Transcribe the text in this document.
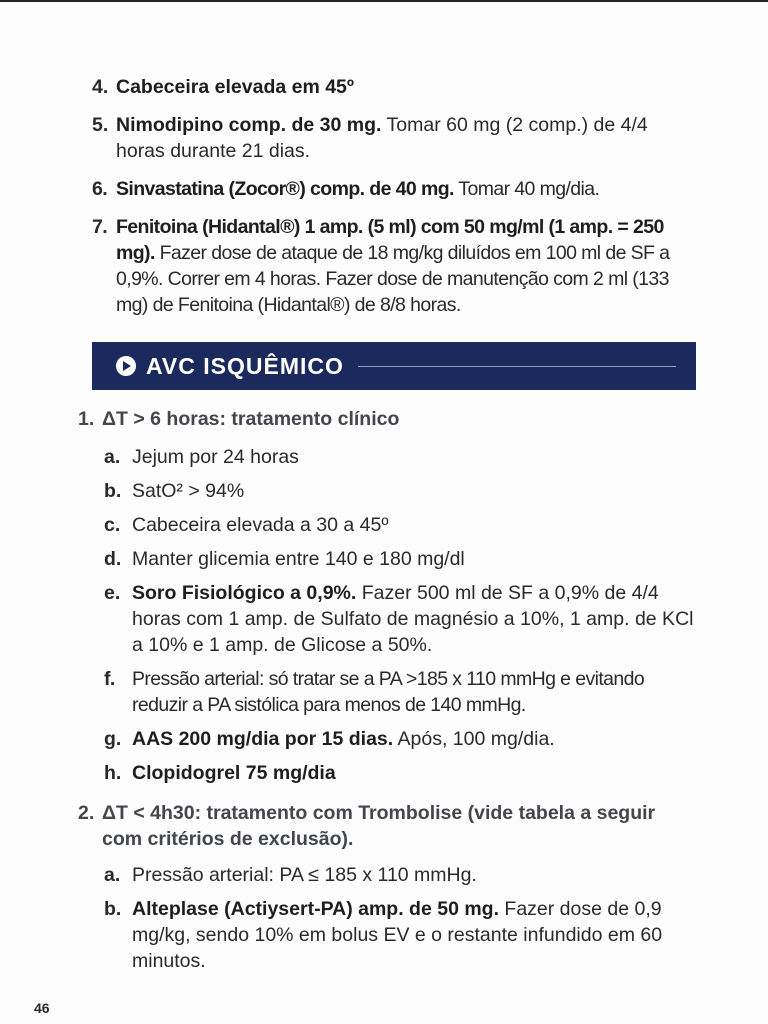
4. Cabeceira elevada em 45º
5. Nimodipino comp. de 30 mg. Tomar 60 mg (2 comp.) de 4/4 horas durante 21 dias.
6. Sinvastatina (Zocor®) comp. de 40 mg. Tomar 40 mg/dia.
7. Fenitoina (Hidantal®) 1 amp. (5 ml) com 50 mg/ml (1 amp. = 250 mg). Fazer dose de ataque de 18 mg/kg diluídos em 100 ml de SF a 0,9%. Correr em 4 horas. Fazer dose de manutenção com 2 ml (133 mg) de Fenitoina (Hidantal®) de 8/8 horas.
AVC ISQUÊMICO
1. ΔT > 6 horas: tratamento clínico
a. Jejum por 24 horas
b. SatO² > 94%
c. Cabeceira elevada a 30 a 45º
d. Manter glicemia entre 140 e 180 mg/dl
e. Soro Fisiológico a 0,9%. Fazer 500 ml de SF a 0,9% de 4/4 horas com 1 amp. de Sulfato de magnésio a 10%, 1 amp. de KCl a 10% e 1 amp. de Glicose a 50%.
f. Pressão arterial: só tratar se a PA >185 x 110 mmHg e evitando reduzir a PA sistólica para menos de 140 mmHg.
g. AAS 200 mg/dia por 15 dias. Após, 100 mg/dia.
h. Clopidogrel 75 mg/dia
2. ΔT < 4h30: tratamento com Trombolise (vide tabela a seguir com critérios de exclusão).
a. Pressão arterial: PA ≤ 185 x 110 mmHg.
b. Alteplase (Actiysert-PA) amp. de 50 mg. Fazer dose de 0,9 mg/kg, sendo 10% em bolus EV e o restante infundido em 60 minutos.
46
